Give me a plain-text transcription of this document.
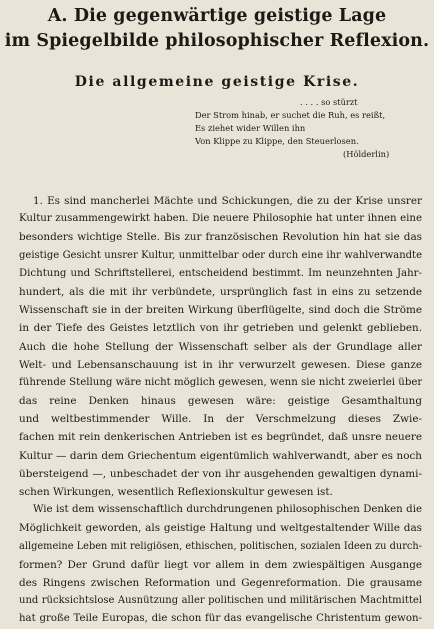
A. Die gegenwärtige geistige Lage
im Spiegelbilde philosophischer Reflexion.
Die allgemeine geistige Krise.
. . . . so stürzt
Der Strom hinab, er suchet die Ruh, es reißt,
Es ziehet wider Willen ihn
Von Klippe zu Klippe, den Steuerlosen.
(Hölderlin)
1. Es sind mancherlei Mächte und Schickungen, die zu der Krise unsrer
Kultur zusammengewirkt haben. Die neuere Philosophie hat unter ihnen eine
besonders wichtige Stelle. Bis zur französischen Revolution hin hat sie das
geistige Gesicht unsrer Kultur, unmittelbar oder durch eine ihr wahlverwandte
Dichtung und Schriftstellerei, entscheidend bestimmt. Im neunzehnten Jahr-
hundert, als die mit ihr verbündete, ursprünglich fast in eins zu setzende
Wissenschaft sie in der breiten Wirkung überflügelte, sind doch die Ströme
in der Tiefe des Geistes letztlich von ihr getrieben und gelenkt geblieben.
Auch die hohe Stellung der Wissenschaft selber als der Grundlage aller
Welt- und Lebensanschauung ist in ihr verwurzelt gewesen. Diese ganze
führende Stellung wäre nicht möglich gewesen, wenn sie nicht zweierlei über
das reine Denken hinaus gewesen wäre: geistige Gesamthaltung
und weltbestimmender Wille. In der Verschmelzung dieses Zwie-
fachen mit rein denkerischen Antrieben ist es begründet, daß unsre neuere
Kultur — darin dem Griechentum eigentümlich wahlverwandt, aber es noch
übersteigend —, unbeschadet der von ihr ausgehenden gewaltigen dynami-
schen Wirkungen, wesentlich Reflexionskultur gewesen ist.
Wie ist dem wissenschaftlich durchdrungenen philosophischen Denken die
Möglichkeit geworden, als geistige Haltung und weltgestaltender Wille das
allgemeine Leben mit religiösen, ethischen, politischen, sozialen Ideen zu durch-
formen? Der Grund dafür liegt vor allem in dem zwiespältigen Ausgange
des Ringens zwischen Reformation und Gegenreformation. Die grausame
und rücksichtslose Ausnützung aller politischen und militärischen Machtmittel
hat große Teile Europas, die schon für das evangelische Christentum gewon-
